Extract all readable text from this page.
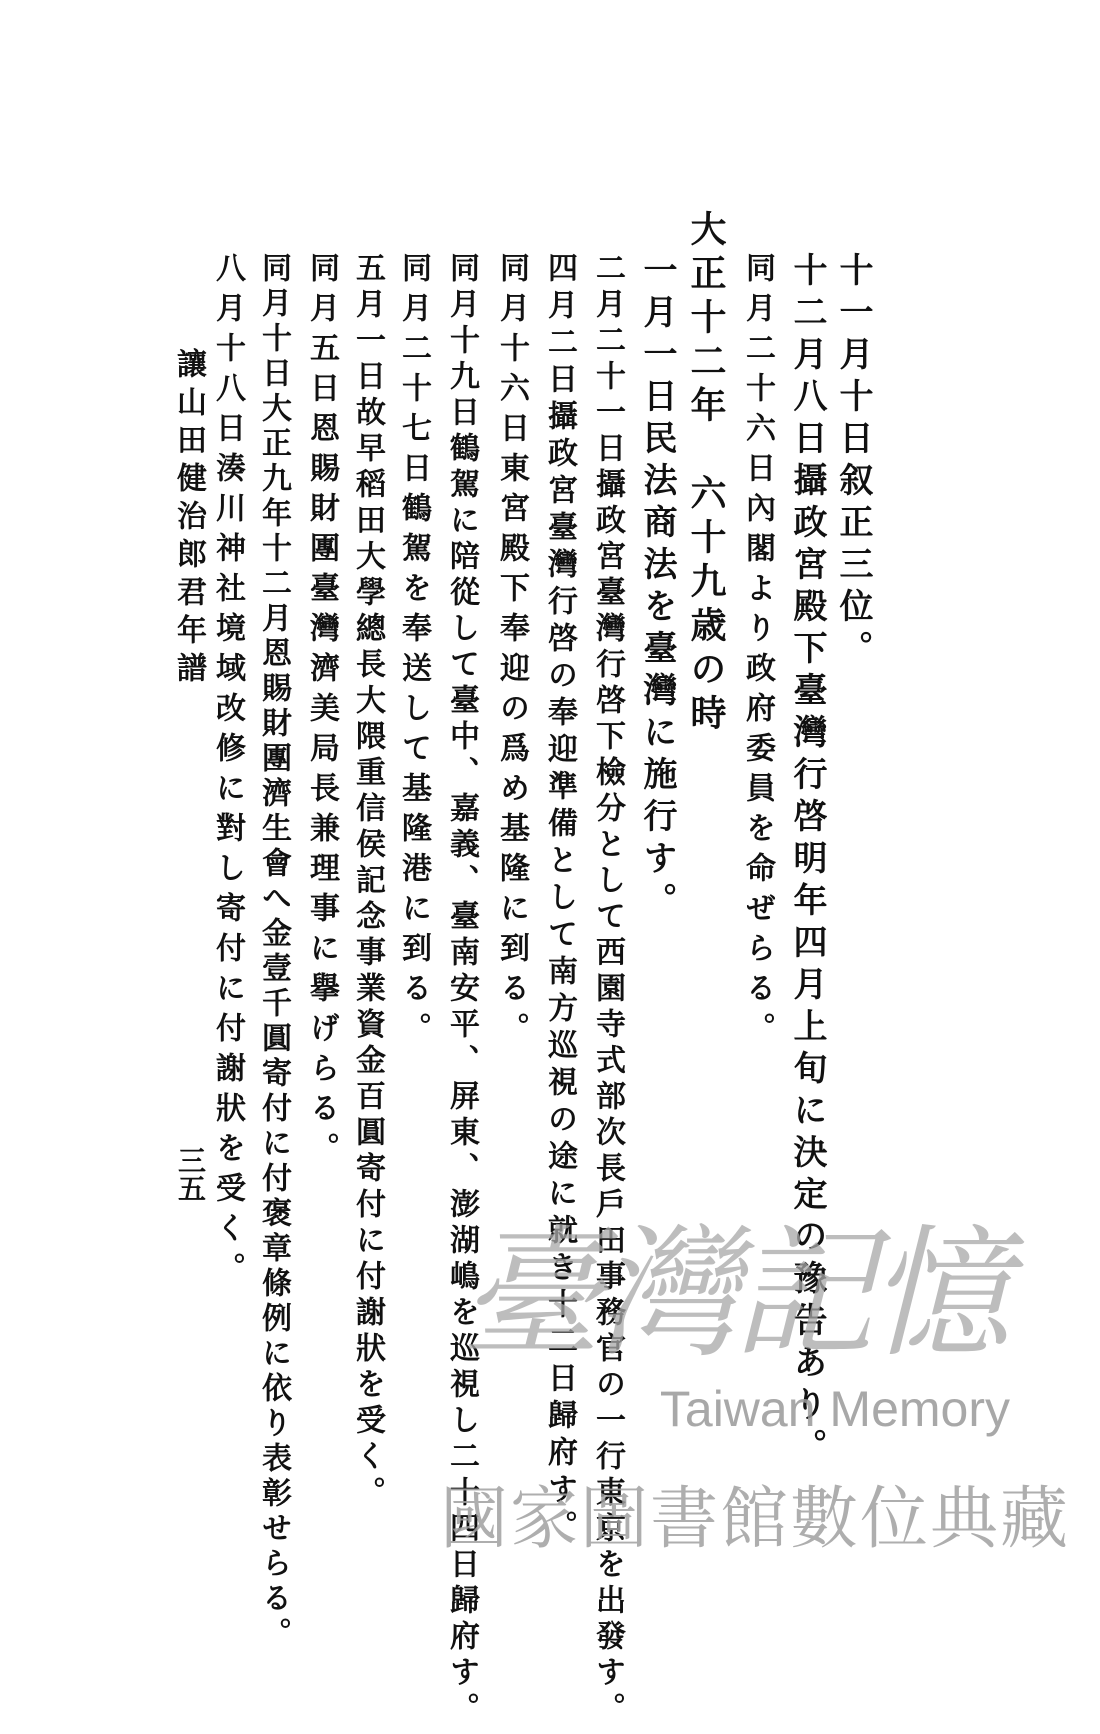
十一月十日叙正三位。
十二月八日攝政宮殿下臺灣行啓明年四月上旬に決定の豫告あり。
同月二十六日內閣より政府委員を命ぜらる。
大正十二年　六十九歳の時
一月一日民法商法を臺灣に施行す。
二月二十一日攝政宮臺灣行啓下檢分として西園寺式部次長戶田事務官の一行東京を出發す。
四月二日攝政宮臺灣行啓の奉迎準備として南方巡視の途に就き十二日歸府す。
同月十六日東宮殿下奉迎の爲め基隆に到る。
同月十九日鶴駕に陪從して臺中、嘉義、臺南安平、屏東、澎湖嶋を巡視し二十四日歸府す。
同月二十七日鶴駕を奉送して基隆港に到る。
五月一日故早稻田大學總長大隈重信侯記念事業資金百圓寄付に付謝狀を受く。
同月五日恩賜財團臺灣濟美局長兼理事に擧げらる。
同月十日大正九年十二月恩賜財團濟生會へ金壹千圓寄付に付褒章條例に依り表彰せらる。
八月十八日湊川神社境域改修に對し寄付に付謝狀を受く。
讓山田健治郎君年譜
三五
臺灣記憶
Taiwan Memory
國家圖書館數位典藏
